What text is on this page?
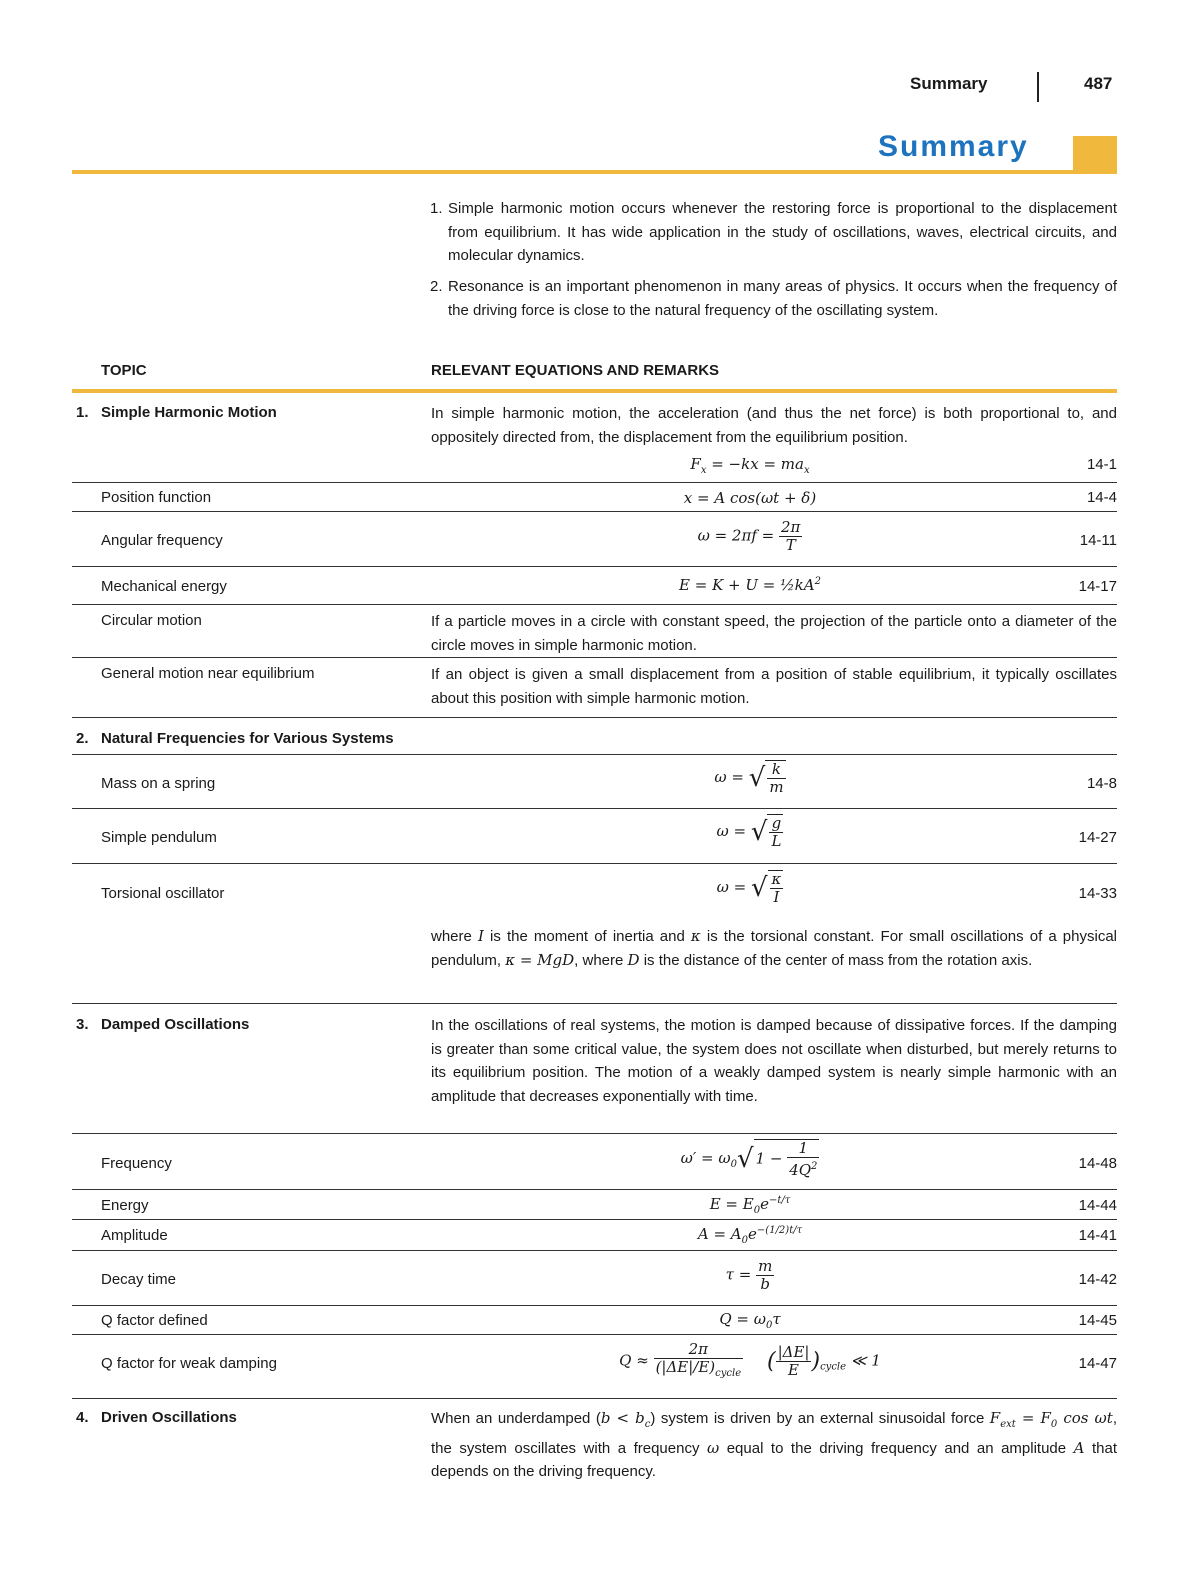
Summary	487
Summary
1. Simple harmonic motion occurs whenever the restoring force is proportional to the displacement from equilibrium. It has wide application in the study of oscillations, waves, electrical circuits, and molecular dynamics.
2. Resonance is an important phenomenon in many areas of physics. It occurs when the frequency of the driving force is close to the natural frequency of the oscillating system.
TOPIC	RELEVANT EQUATIONS AND REMARKS
1. Simple Harmonic Motion	In simple harmonic motion, the acceleration (and thus the net force) is both proportional to, and oppositely directed from, the displacement from the equilibrium position.
$F_x = -kx = ma_x$	14-1
Position function	x = A cos(ωt + δ)	14-4
Angular frequency	$\omega = 2\pi f = \frac{2\pi}{T}$	14-11
Mechanical energy	$E = K + U = \frac{1}{2}kA^2$	14-17
Circular motion	If a particle moves in a circle with constant speed, the projection of the particle onto a diameter of the circle moves in simple harmonic motion.
General motion near equilibrium	If an object is given a small displacement from a position of stable equilibrium, it typically oscillates about this position with simple harmonic motion.
2. Natural Frequencies for Various Systems
Mass on a spring	ω = √ $\frac{k}{m}$	14-8
Simple pendulum	ω = √ $\frac{g}{L}$	14-27
Torsional oscillator	ω = √ $\frac{\kappa}{I}$	14-33
where I is the moment of inertia and κ is the torsional constant. For small oscillations of a physical pendulum, κ = MgD, where D is the distance of the center of mass from the rotation axis.
3. Damped Oscillations	In the oscillations of real systems, the motion is damped because of dissipative forces. If the damping is greater than some critical value, the system does not oscillate when disturbed, but merely returns to its equilibrium position. The motion of a weakly damped system is nearly simple harmonic with an amplitude that decreases exponentially with time.
Frequency	$\omega' = \omega_0√$ $1 - \frac{1}{4Q^2}$	14-48
Energy	$E = E_0e^{-t/\tau}$	14-44
Amplitude	$A = A_0e^{-(1/2)t/\tau}$	14-41
Decay time	$\tau = \frac{m}{b}$	14-42
Q factor defined	$Q = \omega_0\tau$	14-45
Q factor for weak damping	$Q \approx \frac{2\pi}{(|\Delta E|/E)_{cycle}}$ ( $\frac{|\Delta E|}{E} )_{cycle}$ ≪ 1	14-47
4. Driven Oscillations	When an underdamped $(b < b_c)$ system is driven by an external sinusoidal force $F_{ext} = F_0$ cos ωt, the system oscillates with a frequency ω equal to the driving frequency and an amplitude A that depends on the driving frequency.
